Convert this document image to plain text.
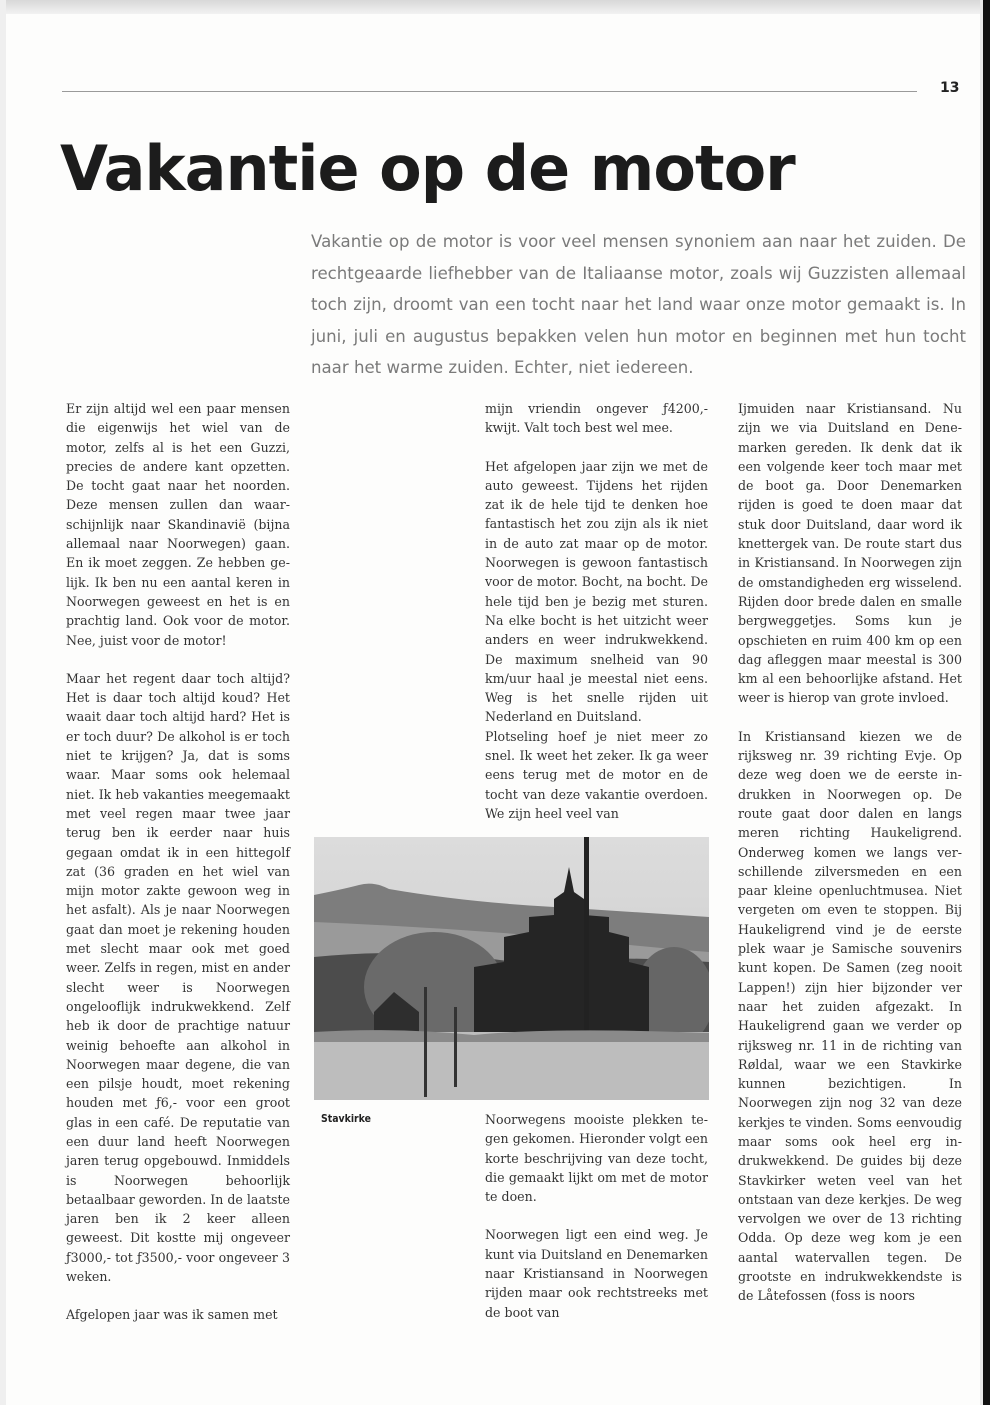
13
Vakantie op de motor
Vakantie op de motor is voor veel mensen synoniem aan naar het zuiden. De rechtgeaarde liefhebber van de Italiaanse motor, zoals wij Guzzisten allemaal toch zijn, droomt van een tocht naar het land waar onze motor gemaakt is. In juni, juli en augustus bepakken velen hun motor en beginnen met hun tocht naar het warme zuiden. Echter, niet iedereen.

Er zijn altijd wel een paar mensen die eigenwijs het wiel van de motor, zelfs al is het een Guzzi, precies de andere kant opzetten. De tocht gaat naar het noorden. Deze mensen zullen dan waarschijnlijk naar Skandinavië (bijna allemaal naar Noorwegen) gaan. En ik moet zeggen. Ze hebben gelijk. Ik ben nu een aantal keren in Noorwegen geweest en het is en prachtig land. Ook voor de motor. Nee, juist voor de motor!

Maar het regent daar toch altijd? Het is daar toch altijd koud? Het waait daar toch altijd hard? Het is er toch duur? De alkohol is er toch niet te krijgen? Ja, dat is soms waar. Maar soms ook helemaal niet. Ik heb vakanties meegemaakt met veel regen maar twee jaar terug ben ik eerder naar huis gegaan omdat ik in een hittegolf zat (36 graden en het wiel van mijn motor zakte gewoon weg in het asfalt). Als je naar Noorwegen gaat dan moet je rekening houden met slecht maar ook met goed weer. Zelfs in regen, mist en ander slecht weer is Noorwegen ongelooflijk indrukwekkend. Zelf heb ik door de prachtige natuur weinig behoefte aan alkohol in Noorwegen maar degene, die van een pilsje houdt, moet rekening houden met ƒ6,- voor een groot glas in een café. De reputatie van een duur land heeft Noorwegen jaren terug opgebouwd. Inmiddels is Noorwegen behoorlijk betaalbaar geworden. In de laatste jaren ben ik 2 keer alleen geweest. Dit kostte mij ongeveer ƒ3000,- tot ƒ3500,- voor ongeveer 3 weken.

Afgelopen jaar was ik samen met

mijn vriendin ongever ƒ4200,- kwijt. Valt toch best wel mee.

Het afgelopen jaar zijn we met de auto geweest. Tijdens het rijden zat ik de hele tijd te denken hoe fantastisch het zou zijn als ik niet in de auto zat maar op de motor. Noorwegen is gewoon fantastisch voor de motor. Bocht, na bocht. De hele tijd ben je bezig met sturen. Na elke bocht is het uitzicht weer anders en weer indrukwekkend. De maximum snelheid van 90 km/uur haal je meestal niet eens. Weg is het snelle rijden uit Nederland en Duitsland.

Plotseling hoef je niet meer zo snel. Ik weet het zeker. Ik ga weer eens terug met de motor en de tocht van deze vakantie overdoen. We zijn heel veel van

Stavkirke	Noorwegens mooiste plekken tegen gekomen. Hieronder volgt een korte beschrijving van deze tocht, die gemaakt lijkt om met de motor te doen.

Noorwegen ligt een eind weg. Je kunt via Duitsland en Denemarken naar Kristiansand in Noorwegen rijden maar ook rechtstreeks met de boot van

Ijmuiden naar Kristiansand. Nu zijn we via Duitsland en Denemarken gereden. Ik denk dat ik een volgende keer toch maar met de boot ga. Door Denemarken rijden is goed te doen maar dat stuk door Duitsland, daar word ik knettergek van. De route start dus in Kristiansand. In Noorwegen zijn de omstandigheden erg wisselend. Rijden door brede dalen en smalle bergweggetjes. Soms kun je opschieten en ruim 400 km op een dag afleggen maar meestal is 300 km al een behoorlijke afstand. Het weer is hierop van grote invloed.

In Kristiansand kiezen we de rijksweg nr. 39 richting Evje. Op deze weg doen we de eerste indrukken in Noorwegen op. De route gaat door dalen en langs meren richting Haukeligrend. Onderweg komen we langs verschillende zilversmeden en een paar kleine openluchtmusea. Niet vergeten om even te stoppen. Bij Haukeligrend vind je de eerste plek waar je Samische souvenirs kunt kopen. De Samen (zeg nooit Lappen!) zijn hier bijzonder ver naar het zuiden afgezakt. In Haukeligrend gaan we verder op rijksweg nr. 11 in de richting van Røldal, waar we een Stavkirke kunnen bezichtigen. In Noorwegen zijn nog 32 van deze kerkjes te vinden. Soms eenvoudig maar soms ook heel erg indrukwekkend. De guides bij deze Stavkirker weten veel van het ontstaan van deze kerkjes. De weg vervolgen we over de 13 richting Odda. Op deze weg kom je een aantal watervallen tegen. De grootste en indrukwekkendste is de Låtefossen (foss is noors
